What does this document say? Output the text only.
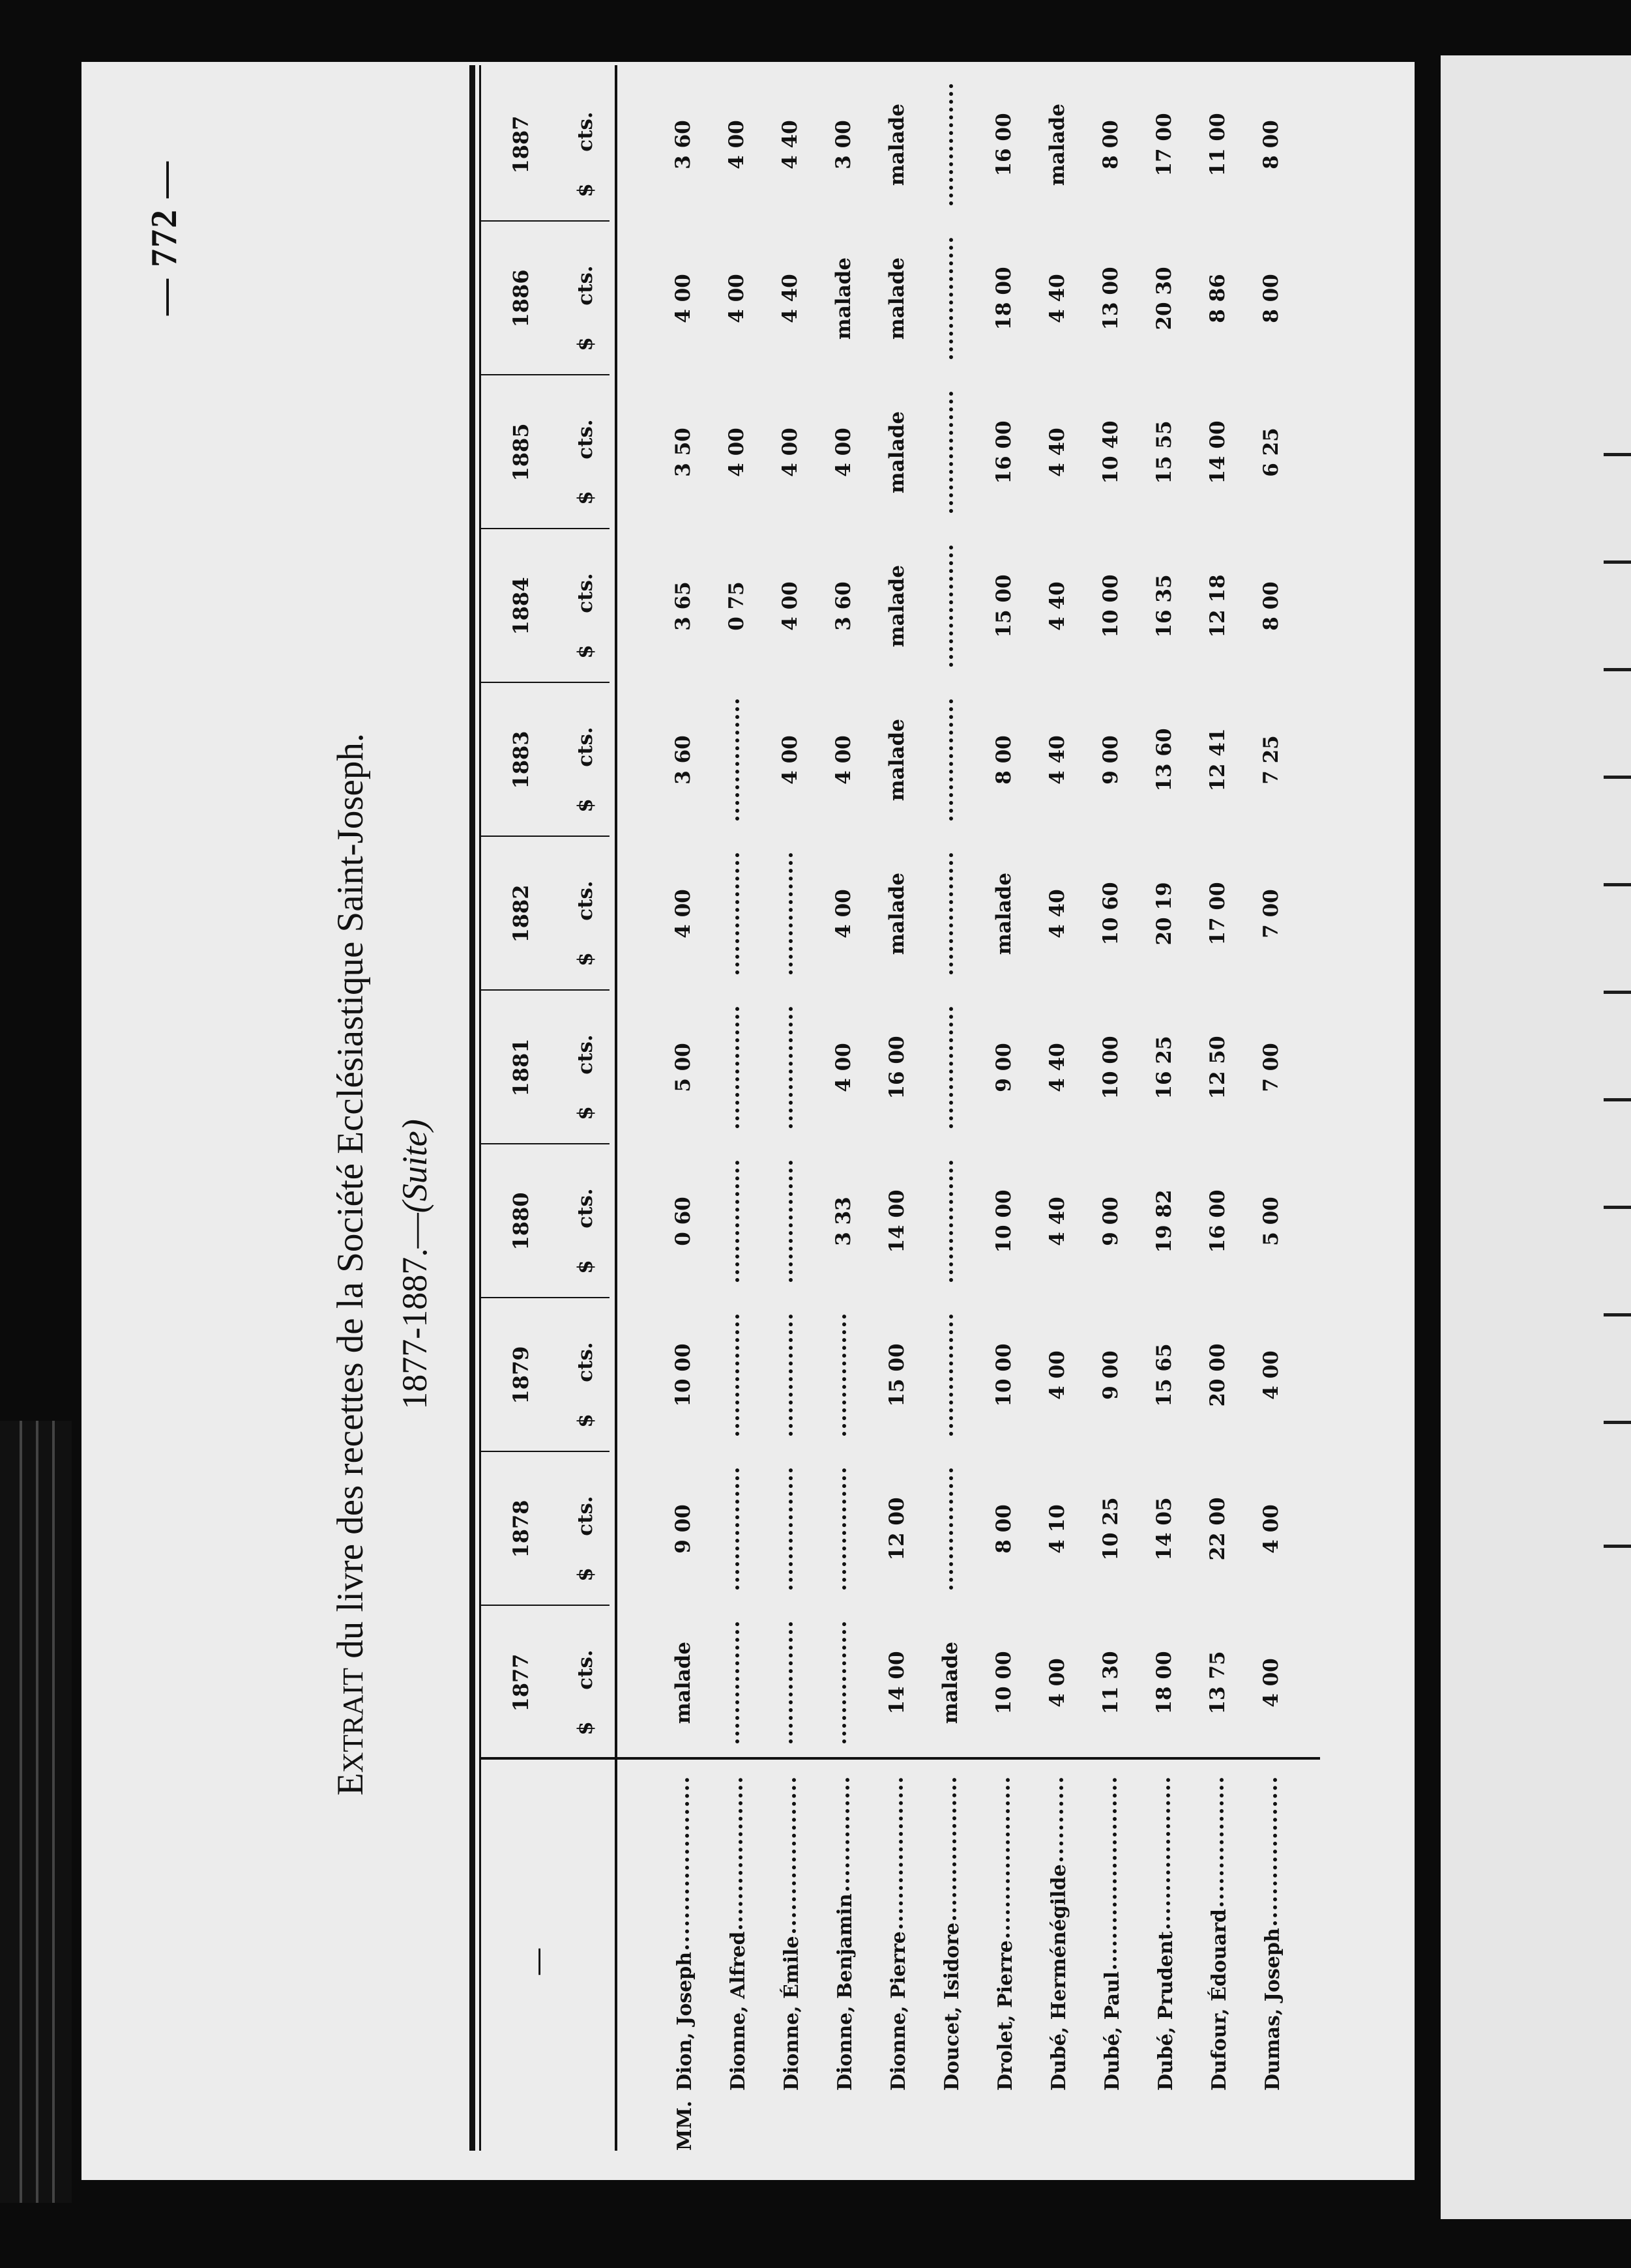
— 772 —
EXTRAIT du livre des recettes de la Société Ecclésiastique Saint-Joseph. 1877-1887.—(Suite)
—
1877
$
cts.
1878
$
cts.
1879
$
cts.
1880
$
cts.
1881
$
cts.
1882
$
cts.
1883
$
cts.
1884
$
cts.
1885
$
cts.
1886
$
cts.
1887
$
cts.
MM.
Dion, Joseph
malade
9 00
10 00
0 60
5 00
4 00
3 60
3 65
3 50
4 00
3 60
Dionne, Alfred
0 75
4 00
4 00
4 00
Dionne, Émile
4 00
4 00
4 00
4 40
4 40
Dionne, Benjamin
3 33
4 00
4 00
4 00
3 60
4 00
malade
3 00
Dionne, Pierre
14 00
12 00
15 00
14 00
16 00
malade
malade
malade
malade
malade
malade
Doucet, Isidore
malade
Drolet, Pierre
10 00
8 00
10 00
10 00
9 00
malade
8 00
15 00
16 00
18 00
16 00
Dubé, Herménégilde
4 00
4 10
4 00
4 40
4 40
4 40
4 40
4 40
4 40
4 40
malade
Dubé, Paul
11 30
10 25
9 00
9 00
10 00
10 60
9 00
10 00
10 40
13 00
8 00
Dubé, Prudent
18 00
14 05
15 65
19 82
16 25
20 19
13 60
16 35
15 55
20 30
17 00
Dufour, Édouard
13 75
22 00
20 00
16 00
12 50
17 00
12 41
12 18
14 00
8 86
11 00
Dumas, Joseph
4 00
4 00
4 00
5 00
7 00
7 00
7 25
8 00
6 25
8 00
8 00
